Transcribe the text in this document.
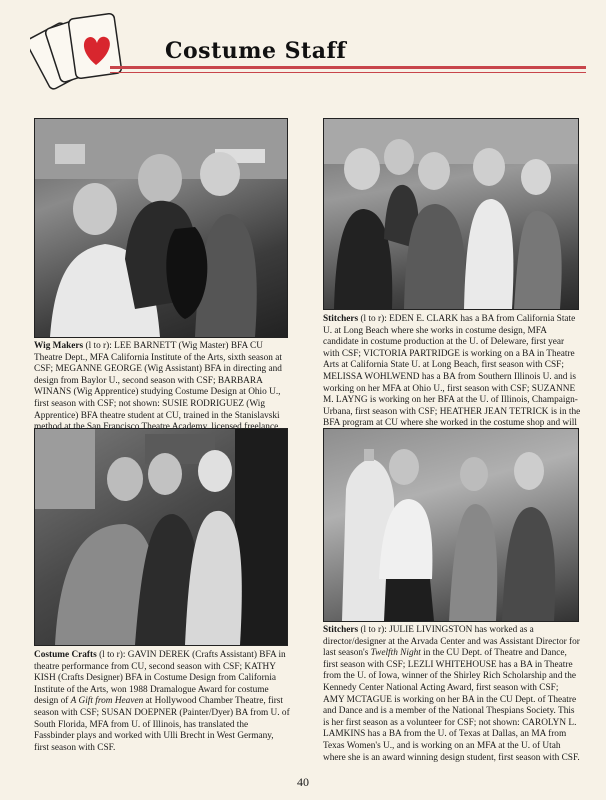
Costume Staff
Wig Makers (l to r): LEE BARNETT (Wig Master) BFA CU Theatre Dept., MFA California Institute of the Arts, sixth season at CSF; MEGANNE GEORGE (Wig Assistant) BFA in directing and design from Baylor U., second season with CSF; BARBARA WINANS (Wig Apprentice) studying Costume Design at Ohio U., first season with CSF; not shown: SUSIE RODRIGUEZ (Wig Apprentice) BFA theatre student at CU, trained in the Stanislavski
Stitchers (l to r): EDEN E. CLARK has a BA from California State U. at Long Beach where she works in costume design, MFA candidate in costume production at the U. of Deleware, first year with CSF; VICTORIA PARTRIDGE is working on a BA in Theatre Arts at California State U. at Long Beach, first season with CSF; MELISSA WOHLWEND has a BA from Southern Illinois U. and is working on her MFA at Ohio U., first season with CSF; SUZANNE M. LAYNG is working on her BFA at the U. of Illinois, Champaign-Urbana, first season with CSF; HEATHER JEAN TETRICK is in the BFA program at CU where she worked in the costume shop and will
Costume Crafts (l to r): GAVIN DEREK (Crafts Assistant) BFA in theatre performance from CU, second season with CSF; KATHY KISH (Crafts Designer) BFA in Costume Design from California Institute of the Arts, won 1988 Dramalogue Award for costume design of A Gift from Heaven at Hollywood Chamber Theatre, first season with CSF; SUSAN DOEPNER (Painter/Dyer) BA from U. of South Florida, MFA from U. of Illinois, has translated the Fassbinder plays and worked with Ulli Brecht in West Germany, first season with CSF.
Stitchers (l to r): JULIE LIVINGSTON has worked as a director/designer at the Arvada Center and was Assistant Director for last season's Twelfth Night in the CU Dept. of Theatre and Dance, first season with CSF; LEZLI WHITEHOUSE has a BA in Theatre from the U. of Iowa, winner of the Shirley Rich Scholarship and the Kennedy Center National Acting Award, first season with CSF; AMY MCTAGUE is working on her BA in the CU Dept. of Theatre and Dance and is a member of the National Thespians Society. This is her first season as a volunteer for CSF; not shown: CAROLYN L. LAMKINS has a BA from the U. of Texas at Dallas, an MA from Texas Women's U., and is working on an MFA at the U. of Utah where she is an award winning design student, first season with CSF.
40
